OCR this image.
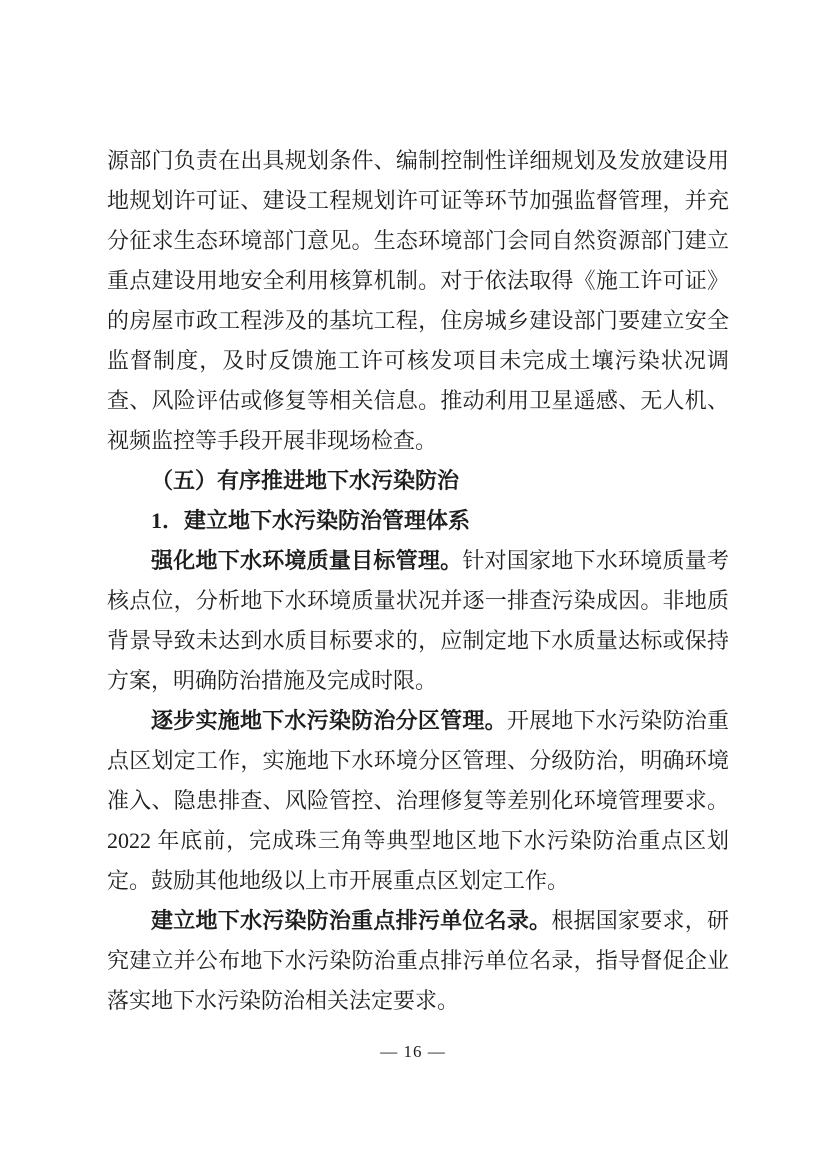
源部门负责在出具规划条件、编制控制性详细规划及发放建设用地规划许可证、建设工程规划许可证等环节加强监督管理，并充分征求生态环境部门意见。生态环境部门会同自然资源部门建立重点建设用地安全利用核算机制。对于依法取得《施工许可证》的房屋市政工程涉及的基坑工程，住房城乡建设部门要建立安全监督制度，及时反馈施工许可核发项目未完成土壤污染状况调查、风险评估或修复等相关信息。推动利用卫星遥感、无人机、视频监控等手段开展非现场检查。

（五）有序推进地下水污染防治

1．建立地下水污染防治管理体系

强化地下水环境质量目标管理。针对国家地下水环境质量考核点位，分析地下水环境质量状况并逐一排查污染成因。非地质背景导致未达到水质目标要求的，应制定地下水质量达标或保持方案，明确防治措施及完成时限。

逐步实施地下水污染防治分区管理。开展地下水污染防治重点区划定工作，实施地下水环境分区管理、分级防治，明确环境准入、隐患排查、风险管控、治理修复等差别化环境管理要求。2022 年底前，完成珠三角等典型地区地下水污染防治重点区划定。鼓励其他地级以上市开展重点区划定工作。

建立地下水污染防治重点排污单位名录。根据国家要求，研究建立并公布地下水污染防治重点排污单位名录，指导督促企业落实地下水污染防治相关法定要求。

— 16 —
